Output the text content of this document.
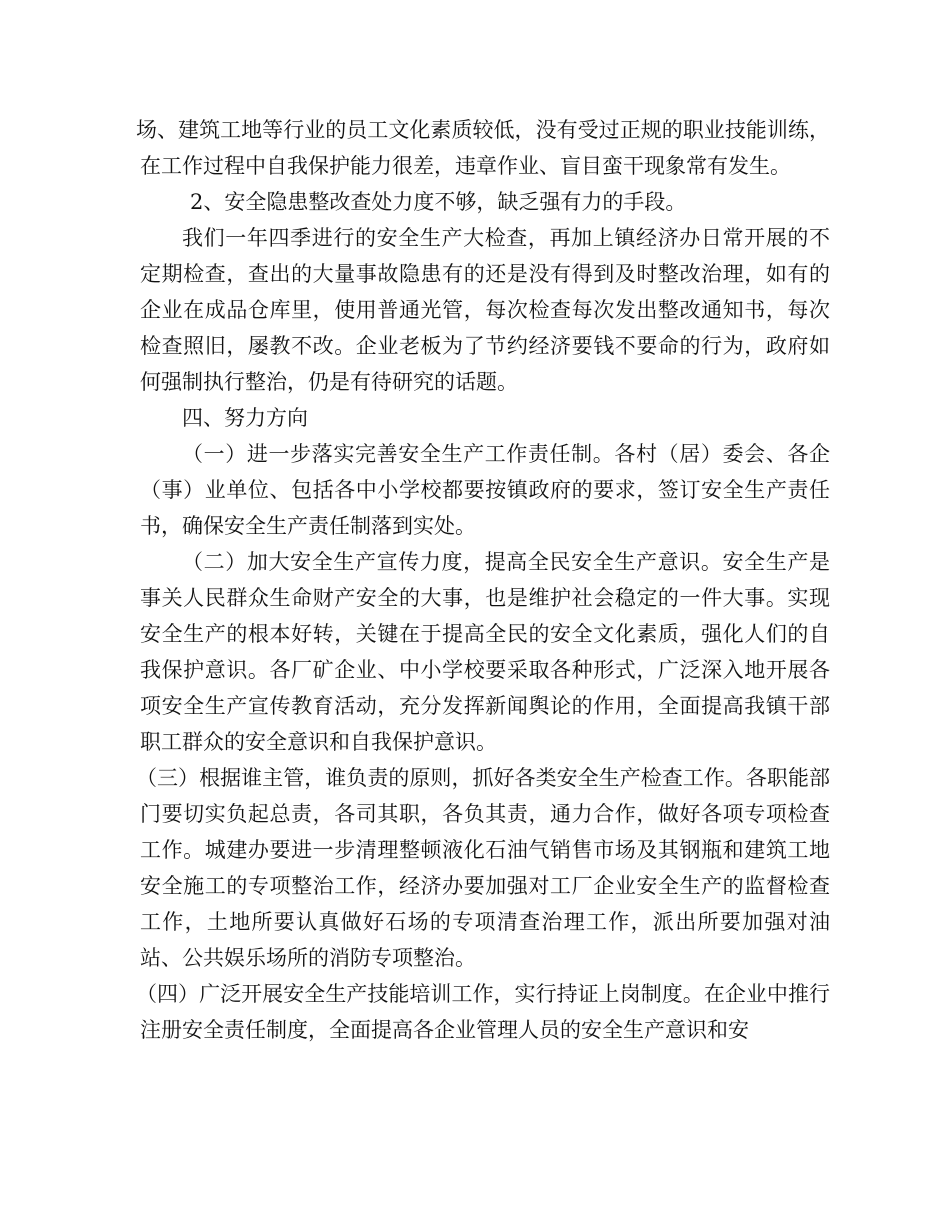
场、建筑工地等行业的员工文化素质较低，没有受过正规的职业技能训练，在工作过程中自我保护能力很差，违章作业、盲目蛮干现象常有发生。

2、安全隐患整改查处力度不够，缺乏强有力的手段。

我们一年四季进行的安全生产大检查，再加上镇经济办日常开展的不定期检查，查出的大量事故隐患有的还是没有得到及时整改治理，如有的企业在成品仓库里，使用普通光管，每次检查每次发出整改通知书，每次检查照旧，屡教不改。企业老板为了节约经济要钱不要命的行为，政府如何强制执行整治，仍是有待研究的话题。

四、努力方向

（一）进一步落实完善安全生产工作责任制。各村（居）委会、各企（事）业单位、包括各中小学校都要按镇政府的要求，签订安全生产责任书，确保安全生产责任制落到实处。

（二）加大安全生产宣传力度，提高全民安全生产意识。安全生产是事关人民群众生命财产安全的大事，也是维护社会稳定的一件大事。实现安全生产的根本好转，关键在于提高全民的安全文化素质，强化人们的自我保护意识。各厂矿企业、中小学校要采取各种形式，广泛深入地开展各项安全生产宣传教育活动，充分发挥新闻舆论的作用，全面提高我镇干部职工群众的安全意识和自我保护意识。

（三）根据谁主管，谁负责的原则，抓好各类安全生产检查工作。各职能部门要切实负起总责，各司其职，各负其责，通力合作，做好各项专项检查工作。城建办要进一步清理整顿液化石油气销售市场及其钢瓶和建筑工地安全施工的专项整治工作，经济办要加强对工厂企业安全生产的监督检查工作，土地所要认真做好石场的专项清查治理工作，派出所要加强对油站、公共娱乐场所的消防专项整治。

（四）广泛开展安全生产技能培训工作，实行持证上岗制度。在企业中推行注册安全责任制度，全面提高各企业管理人员的安全生产意识和安
